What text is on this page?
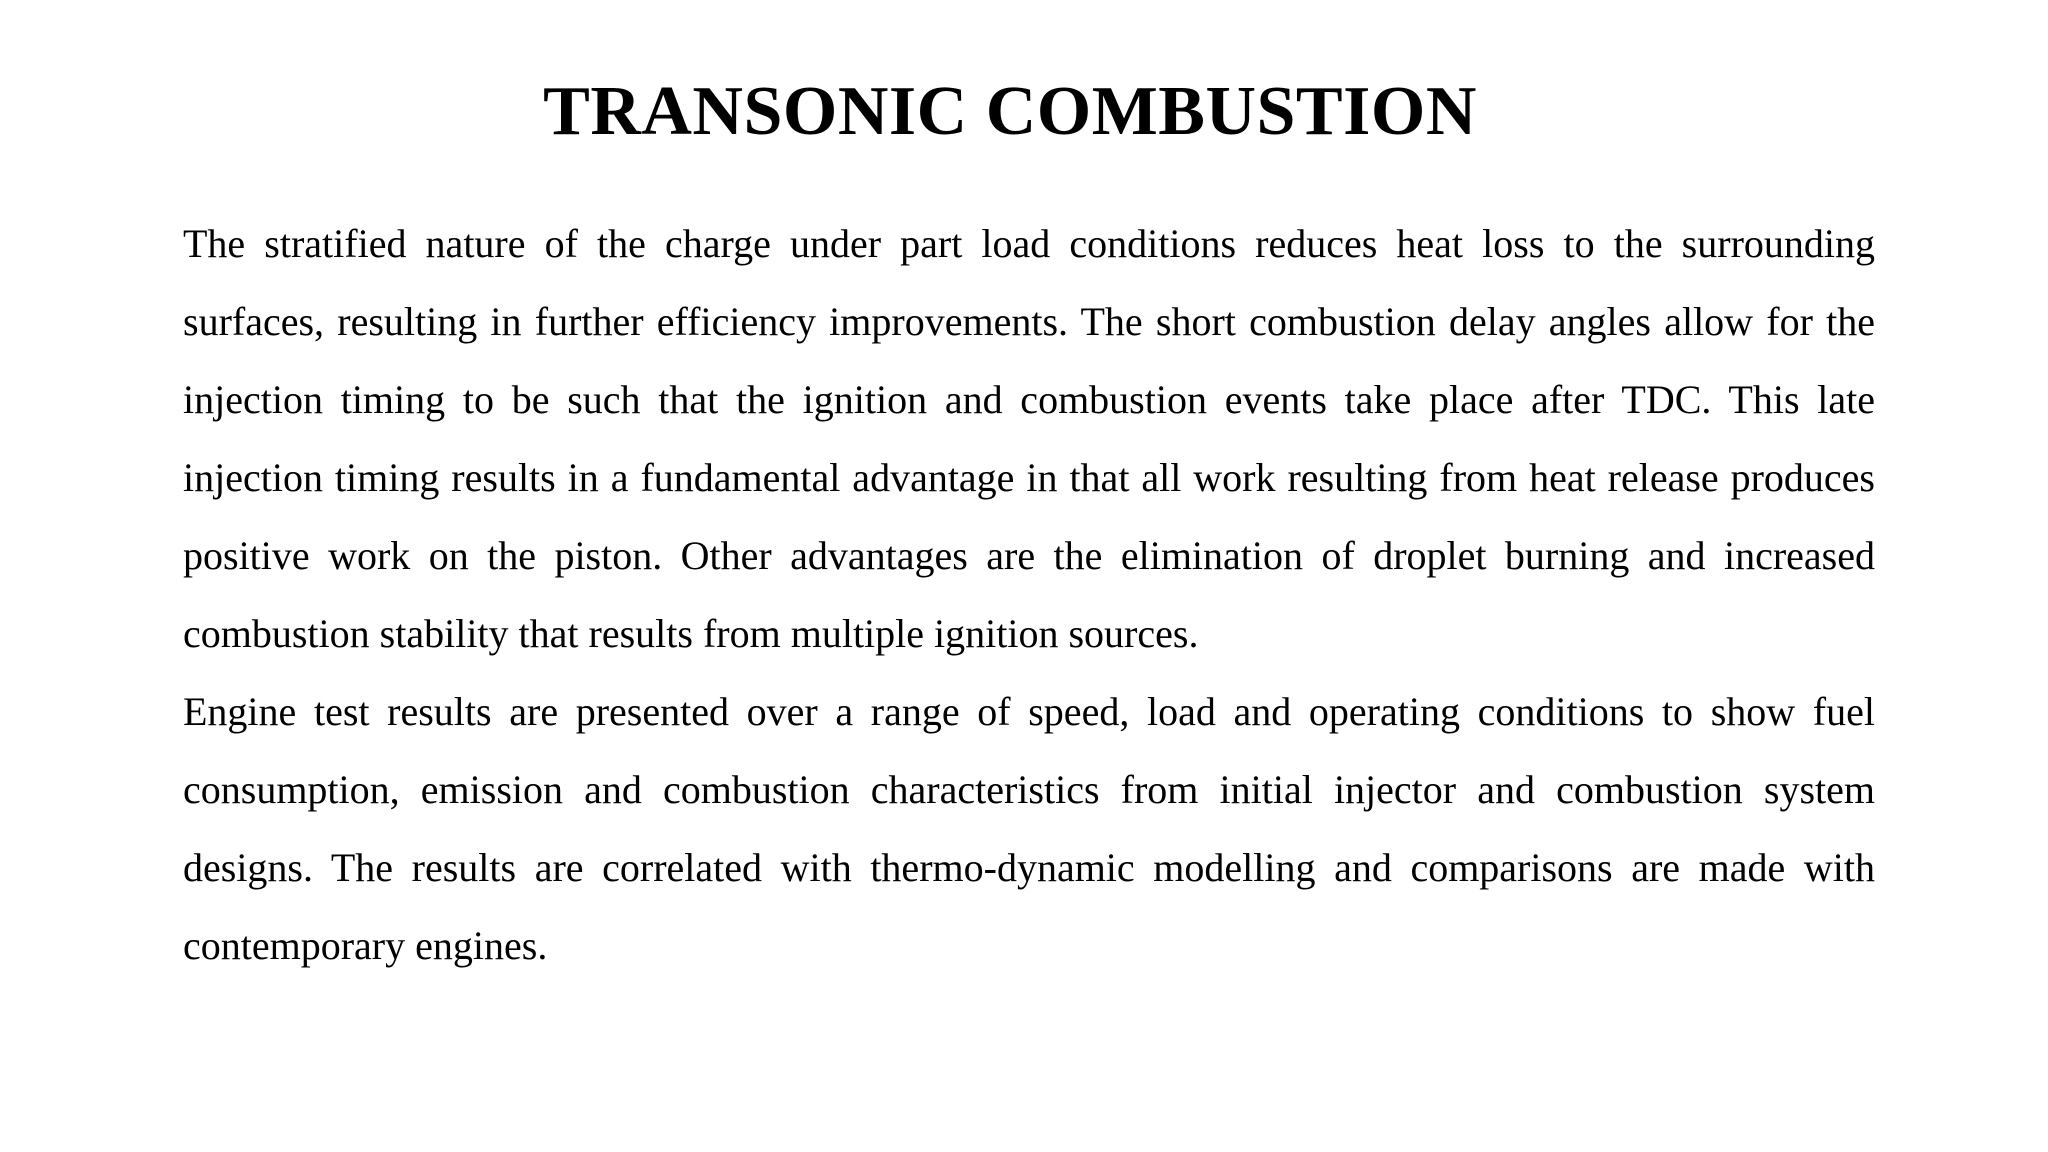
TRANSONIC COMBUSTION

The stratified nature of the charge under part load conditions reduces heat loss to the surrounding surfaces, resulting in further efficiency improvements. The short combustion delay angles allow for the injection timing to be such that the ignition and combustion events take place after TDC. This late injection timing results in a fundamental advantage in that all work resulting from heat release produces positive work on the piston. Other advantages are the elimination of droplet burning and increased combustion stability that results from multiple ignition sources.

Engine test results are presented over a range of speed, load and operating conditions to show fuel consumption, emission and combustion characteristics from initial injector and combustion system designs. The results are correlated with thermo-dynamic modelling and comparisons are made with contemporary engines.
